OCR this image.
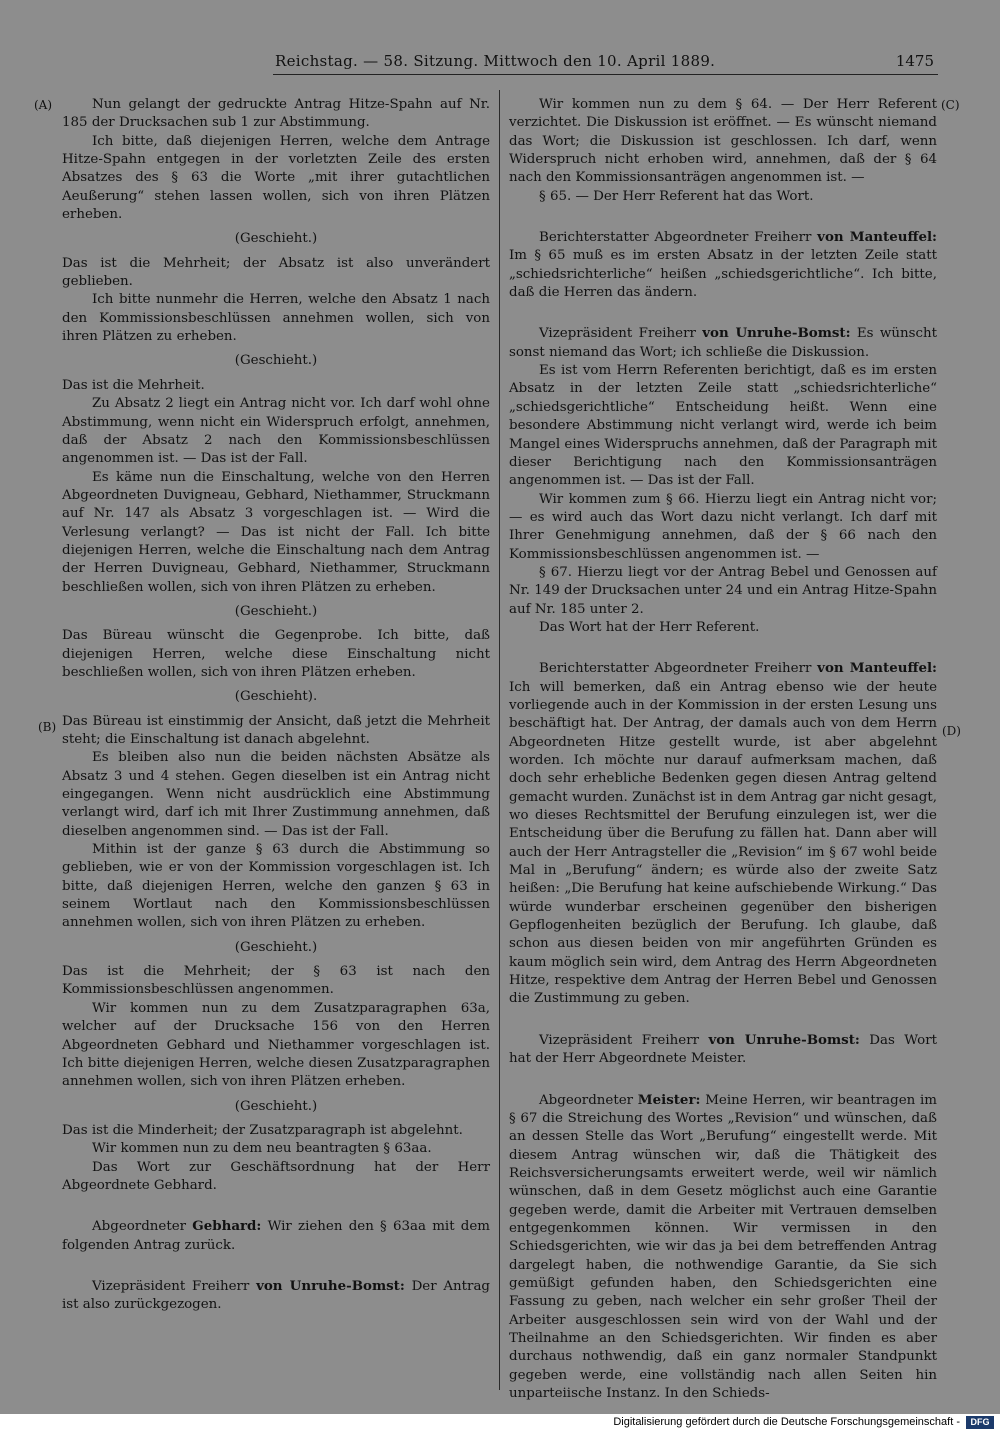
Reichstag. — 58. Sitzung. Mittwoch den 10. April 1889.	1475
(A)
(B)
(C)
(D)

Nun gelangt der gedruckte Antrag Hitze-Spahn auf Nr. 185 der Drucksachen sub 1 zur Abstimmung.

Ich bitte, daß diejenigen Herren, welche dem Antrage Hitze-Spahn entgegen in der vorletzten Zeile des ersten Absatzes des § 63 die Worte „mit ihrer gutachtlichen Aeußerung“ stehen lassen wollen, sich von ihren Plätzen erheben.

(Geschieht.)

Das ist die Mehrheit; der Absatz ist also unverändert geblieben.

Ich bitte nunmehr die Herren, welche den Absatz 1 nach den Kommissionsbeschlüssen annehmen wollen, sich von ihren Plätzen zu erheben.

(Geschieht.)

Das ist die Mehrheit.

Zu Absatz 2 liegt ein Antrag nicht vor. Ich darf wohl ohne Abstimmung, wenn nicht ein Widerspruch erfolgt, annehmen, daß der Absatz 2 nach den Kommissionsbeschlüssen angenommen ist. — Das ist der Fall.

Es käme nun die Einschaltung, welche von den Herren Abgeordneten Duvigneau, Gebhard, Niethammer, Struckmann auf Nr. 147 als Absatz 3 vorgeschlagen ist. — Wird die Verlesung verlangt? — Das ist nicht der Fall. Ich bitte diejenigen Herren, welche die Einschaltung nach dem Antrag der Herren Duvigneau, Gebhard, Niethammer, Struckmann beschließen wollen, sich von ihren Plätzen zu erheben.

(Geschieht.)

Das Büreau wünscht die Gegenprobe. Ich bitte, daß diejenigen Herren, welche diese Einschaltung nicht beschließen wollen, sich von ihren Plätzen erheben.

(Geschieht).

Das Büreau ist einstimmig der Ansicht, daß jetzt die Mehrheit steht; die Einschaltung ist danach abgelehnt.

Es bleiben also nun die beiden nächsten Absätze als Absatz 3 und 4 stehen. Gegen dieselben ist ein Antrag nicht eingegangen. Wenn nicht ausdrücklich eine Abstimmung verlangt wird, darf ich mit Ihrer Zustimmung annehmen, daß dieselben angenommen sind. — Das ist der Fall.

Mithin ist der ganze § 63 durch die Abstimmung so geblieben, wie er von der Kommission vorgeschlagen ist. Ich bitte, daß diejenigen Herren, welche den ganzen § 63 in seinem Wortlaut nach den Kommissionsbeschlüssen annehmen wollen, sich von ihren Plätzen zu erheben.

(Geschieht.)

Das ist die Mehrheit; der § 63 ist nach den Kommissionsbeschlüssen angenommen.

Wir kommen nun zu dem Zusatzparagraphen 63a, welcher auf der Drucksache 156 von den Herren Abgeordneten Gebhard und Niethammer vorgeschlagen ist. Ich bitte diejenigen Herren, welche diesen Zusatzparagraphen annehmen wollen, sich von ihren Plätzen erheben.

(Geschieht.)

Das ist die Minderheit; der Zusatzparagraph ist abgelehnt.

Wir kommen nun zu dem neu beantragten § 63aa.

Das Wort zur Geschäftsordnung hat der Herr Abgeordnete Gebhard.

Abgeordneter Gebhard: Wir ziehen den § 63aa mit dem folgenden Antrag zurück.

Vizepräsident Freiherr von Unruhe-Bomst: Der Antrag ist also zurückgezogen.

Wir kommen nun zu dem § 64. — Der Herr Referent verzichtet. Die Diskussion ist eröffnet. — Es wünscht niemand das Wort; die Diskussion ist geschlossen. Ich darf, wenn Widerspruch nicht erhoben wird, annehmen, daß der § 64 nach den Kommissionsanträgen angenommen ist. —

§ 65. — Der Herr Referent hat das Wort.

Berichterstatter Abgeordneter Freiherr von Manteuffel: Im § 65 muß es im ersten Absatz in der letzten Zeile statt „schiedsrichterliche“ heißen „schiedsgerichtliche“. Ich bitte, daß die Herren das ändern.

Vizepräsident Freiherr von Unruhe-Bomst: Es wünscht sonst niemand das Wort; ich schließe die Diskussion.

Es ist vom Herrn Referenten berichtigt, daß es im ersten Absatz in der letzten Zeile statt „schiedsrichterliche“ „schiedsgerichtliche“ Entscheidung heißt. Wenn eine besondere Abstimmung nicht verlangt wird, werde ich beim Mangel eines Widerspruchs annehmen, daß der Paragraph mit dieser Berichtigung nach den Kommissionsanträgen angenommen ist. — Das ist der Fall.

Wir kommen zum § 66. Hierzu liegt ein Antrag nicht vor; — es wird auch das Wort dazu nicht verlangt. Ich darf mit Ihrer Genehmigung annehmen, daß der § 66 nach den Kommissionsbeschlüssen angenommen ist. —

§ 67. Hierzu liegt vor der Antrag Bebel und Genossen auf Nr. 149 der Drucksachen unter 24 und ein Antrag Hitze-Spahn auf Nr. 185 unter 2.

Das Wort hat der Herr Referent.

Berichterstatter Abgeordneter Freiherr von Manteuffel: Ich will bemerken, daß ein Antrag ebenso wie der heute vorliegende auch in der Kommission in der ersten Lesung uns beschäftigt hat. Der Antrag, der damals auch von dem Herrn Abgeordneten Hitze gestellt wurde, ist aber abgelehnt worden. Ich möchte nur darauf aufmerksam machen, daß doch sehr erhebliche Bedenken gegen diesen Antrag geltend gemacht wurden. Zunächst ist in dem Antrag gar nicht gesagt, wo dieses Rechtsmittel der Berufung einzulegen ist, wer die Entscheidung über die Berufung zu fällen hat. Dann aber will auch der Herr Antragsteller die „Revision“ im § 67 wohl beide Mal in „Berufung“ ändern; es würde also der zweite Satz heißen: „Die Berufung hat keine aufschiebende Wirkung.“ Das würde wunderbar erscheinen gegenüber den bisherigen Gepflogenheiten bezüglich der Berufung. Ich glaube, daß schon aus diesen beiden von mir angeführten Gründen es kaum möglich sein wird, dem Antrag des Herrn Abgeordneten Hitze, respektive dem Antrag der Herren Bebel und Genossen die Zustimmung zu geben.

Vizepräsident Freiherr von Unruhe-Bomst: Das Wort hat der Herr Abgeordnete Meister.

Abgeordneter Meister: Meine Herren, wir beantragen im § 67 die Streichung des Wortes „Revision“ und wünschen, daß an dessen Stelle das Wort „Berufung“ eingestellt werde. Mit diesem Antrag wünschen wir, daß die Thätigkeit des Reichsversicherungsamts erweitert werde, weil wir nämlich wünschen, daß in dem Gesetz möglichst auch eine Garantie gegeben werde, damit die Arbeiter mit Vertrauen demselben entgegenkommen können. Wir vermissen in den Schiedsgerichten, wie wir das ja bei dem betreffenden Antrag dargelegt haben, die nothwendige Garantie, da Sie sich gemüßigt gefunden haben, den Schiedsgerichten eine Fassung zu geben, nach welcher ein sehr großer Theil der Arbeiter ausgeschlossen sein wird von der Wahl und der Theilnahme an den Schiedsgerichten. Wir finden es aber durchaus nothwendig, daß ein ganz normaler Standpunkt gegeben werde, eine vollständig nach allen Seiten hin unparteiische Instanz. In den Schieds-

Digitalisierung gefördert durch die Deutsche Forschungsgemeinschaft -	DFG
